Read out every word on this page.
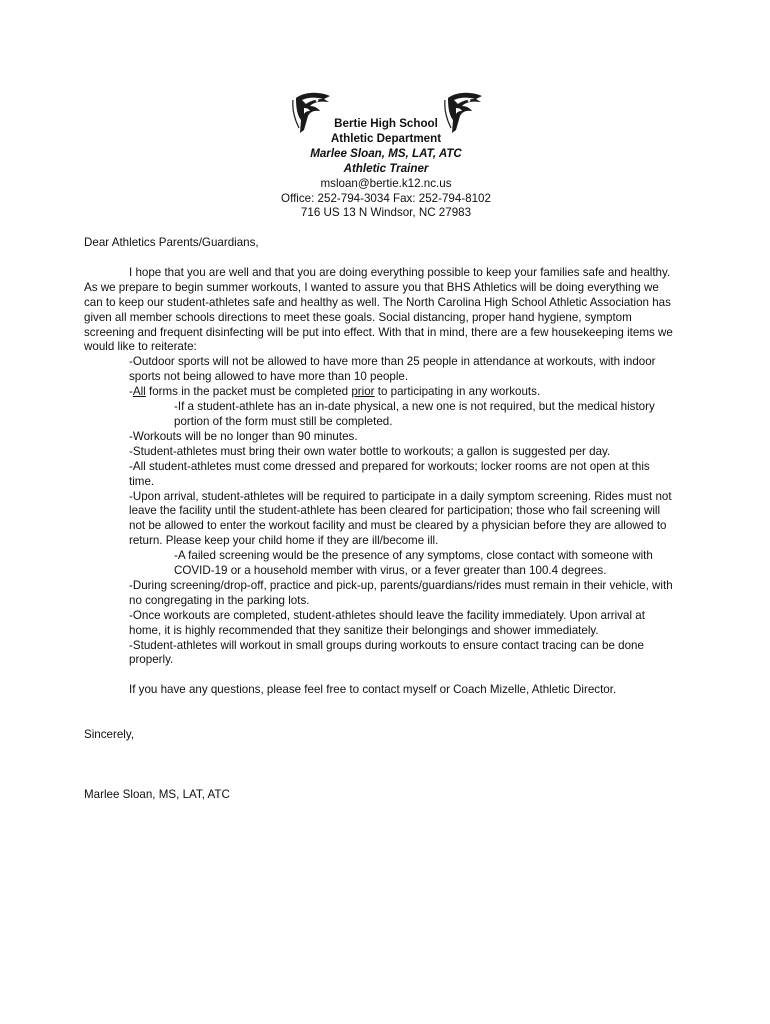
Bertie High School
Athletic Department
Marlee Sloan, MS, LAT, ATC
Athletic Trainer
msloan@bertie.k12.nc.us
Office: 252-794-3034 Fax: 252-794-8102
716 US 13 N Windsor, NC 27983

Dear Athletics Parents/Guardians,

I hope that you are well and that you are doing everything possible to keep your families safe and healthy. As we prepare to begin summer workouts, I wanted to assure you that BHS Athletics will be doing everything we can to keep our student-athletes safe and healthy as well. The North Carolina High School Athletic Association has given all member schools directions to meet these goals. Social distancing, proper hand hygiene, symptom screening and frequent disinfecting will be put into effect. With that in mind, there are a few housekeeping items we would like to reiterate:

-Outdoor sports will not be allowed to have more than 25 people in attendance at workouts, with indoor sports not being allowed to have more than 10 people.

-All forms in the packet must be completed prior to participating in any workouts.

-If a student-athlete has an in-date physical, a new one is not required, but the medical history portion of the form must still be completed.

-Workouts will be no longer than 90 minutes.

-Student-athletes must bring their own water bottle to workouts; a gallon is suggested per day.

-All student-athletes must come dressed and prepared for workouts; locker rooms are not open at this time.

-Upon arrival, student-athletes will be required to participate in a daily symptom screening. Rides must not leave the facility until the student-athlete has been cleared for participation; those who fail screening will not be allowed to enter the workout facility and must be cleared by a physician before they are allowed to return. Please keep your child home if they are ill/become ill.

-A failed screening would be the presence of any symptoms, close contact with someone with COVID-19 or a household member with virus, or a fever greater than 100.4 degrees.

-During screening/drop-off, practice and pick-up, parents/guardians/rides must remain in their vehicle, with no congregating in the parking lots.

-Once workouts are completed, student-athletes should leave the facility immediately. Upon arrival at home, it is highly recommended that they sanitize their belongings and shower immediately.

-Student-athletes will workout in small groups during workouts to ensure contact tracing can be done properly.

If you have any questions, please feel free to contact myself or Coach Mizelle, Athletic Director.

Sincerely,

Marlee Sloan, MS, LAT, ATC
